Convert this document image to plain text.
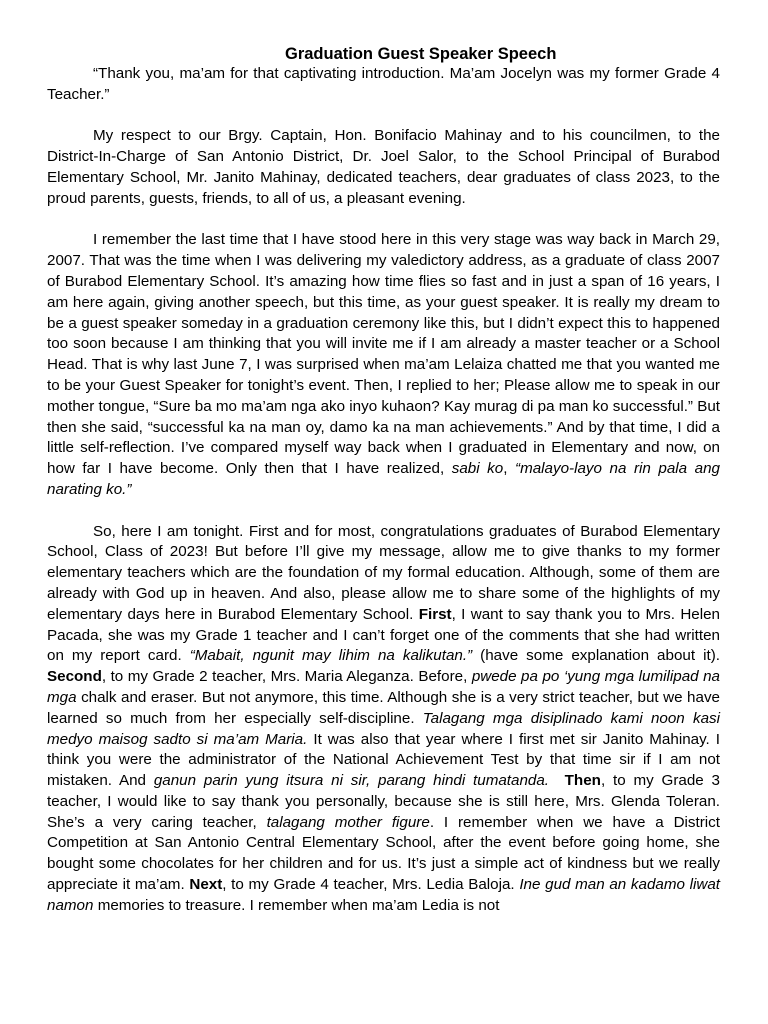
Graduation Guest Speaker Speech

“Thank you, ma’am for that captivating introduction. Ma’am Jocelyn was my former Grade 4 Teacher.”

My respect to our Brgy. Captain, Hon. Bonifacio Mahinay and to his councilmen, to the District-In-Charge of San Antonio District, Dr. Joel Salor, to the School Principal of Burabod Elementary School, Mr. Janito Mahinay, dedicated teachers, dear graduates of class 2023, to the proud parents, guests, friends, to all of us, a pleasant evening.

I remember the last time that I have stood here in this very stage was way back in March 29, 2007. That was the time when I was delivering my valedictory address, as a graduate of class 2007 of Burabod Elementary School. It’s amazing how time flies so fast and in just a span of 16 years, I am here again, giving another speech, but this time, as your guest speaker. It is really my dream to be a guest speaker someday in a graduation ceremony like this, but I didn’t expect this to happened too soon because I am thinking that you will invite me if I am already a master teacher or a School Head. That is why last June 7, I was surprised when ma’am Lelaiza chatted me that you wanted me to be your Guest Speaker for tonight’s event. Then, I replied to her; Please allow me to speak in our mother tongue, “Sure ba mo ma’am nga ako inyo kuhaon? Kay murag di pa man ko successful.” But then she said, “successful ka na man oy, damo ka na man achievements.” And by that time, I did a little self-reflection. I’ve compared myself way back when I graduated in Elementary and now, on how far I have become. Only then that I have realized, sabi ko, “malayo-layo na rin pala ang narating ko.”

So, here I am tonight. First and for most, congratulations graduates of Burabod Elementary School, Class of 2023! But before I’ll give my message, allow me to give thanks to my former elementary teachers which are the foundation of my formal education. Although, some of them are already with God up in heaven. And also, please allow me to share some of the highlights of my elementary days here in Burabod Elementary School. First, I want to say thank you to Mrs. Helen Pacada, she was my Grade 1 teacher and I can’t forget one of the comments that she had written on my report card. “Mabait, ngunit may lihim na kalikutan.” (have some explanation about it). Second, to my Grade 2 teacher, Mrs. Maria Aleganza. Before, pwede pa po ‘yung mga lumilipad na mga chalk and eraser. But not anymore, this time. Although she is a very strict teacher, but we have learned so much from her especially self-discipline. Talagang mga disiplinado kami noon kasi medyo maisog sadto si ma’am Maria. It was also that year where I first met sir Janito Mahinay. I think you were the administrator of the National Achievement Test by that time sir if I am not mistaken. And ganun parin yung itsura ni sir, parang hindi tumatanda. Then, to my Grade 3 teacher, I would like to say thank you personally, because she is still here, Mrs. Glenda Toleran. She’s a very caring teacher, talagang mother figure. I remember when we have a District Competition at San Antonio Central Elementary School, after the event before going home, she bought some chocolates for her children and for us. It’s just a simple act of kindness but we really appreciate it ma’am. Next, to my Grade 4 teacher, Mrs. Ledia Baloja. Ine gud man an kadamo liwat namon memories to treasure. I remember when ma’am Ledia is not
